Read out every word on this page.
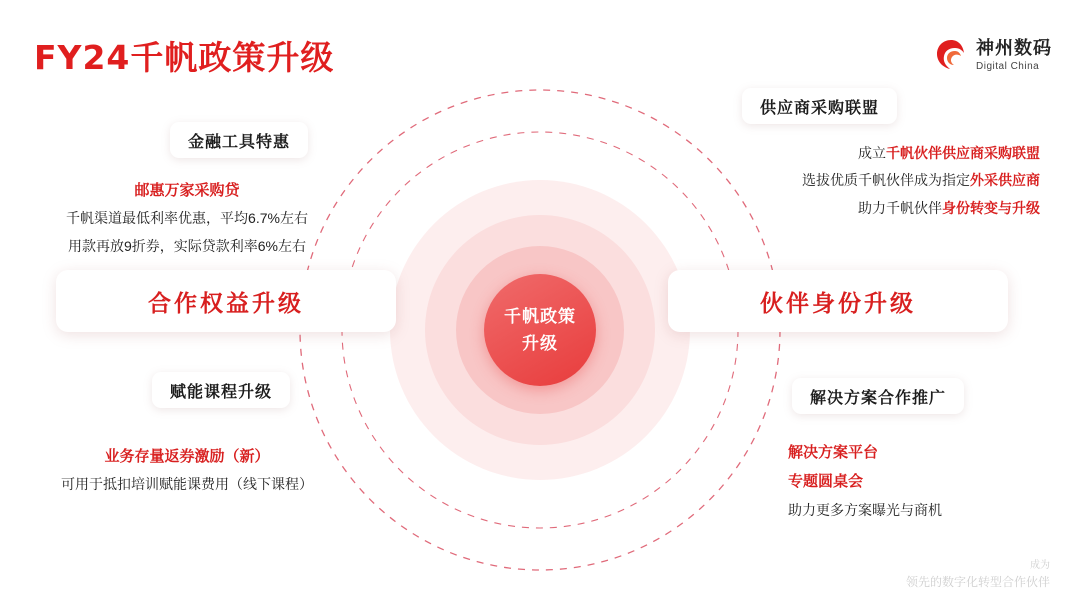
FY24千帆政策升级	神州数码
Digital China
千帆政策
升级
合作权益升级	伙伴身份升级
金融工具特惠
赋能课程升级
供应商采购联盟
解决方案合作推广
邮惠万家采购贷
千帆渠道最低利率优惠，平均6.7%左右
用款再放9折券，实际贷款利率6%左右
业务存量返券激励（新）
可用于抵扣培训赋能课费用（线下课程）
成立千帆伙伴供应商采购联盟
选拔优质千帆伙伴成为指定外采供应商
助力千帆伙伴身份转变与升级
解决方案平台
专题圆桌会
助力更多方案曝光与商机
成为
领先的数字化转型合作伙伴
